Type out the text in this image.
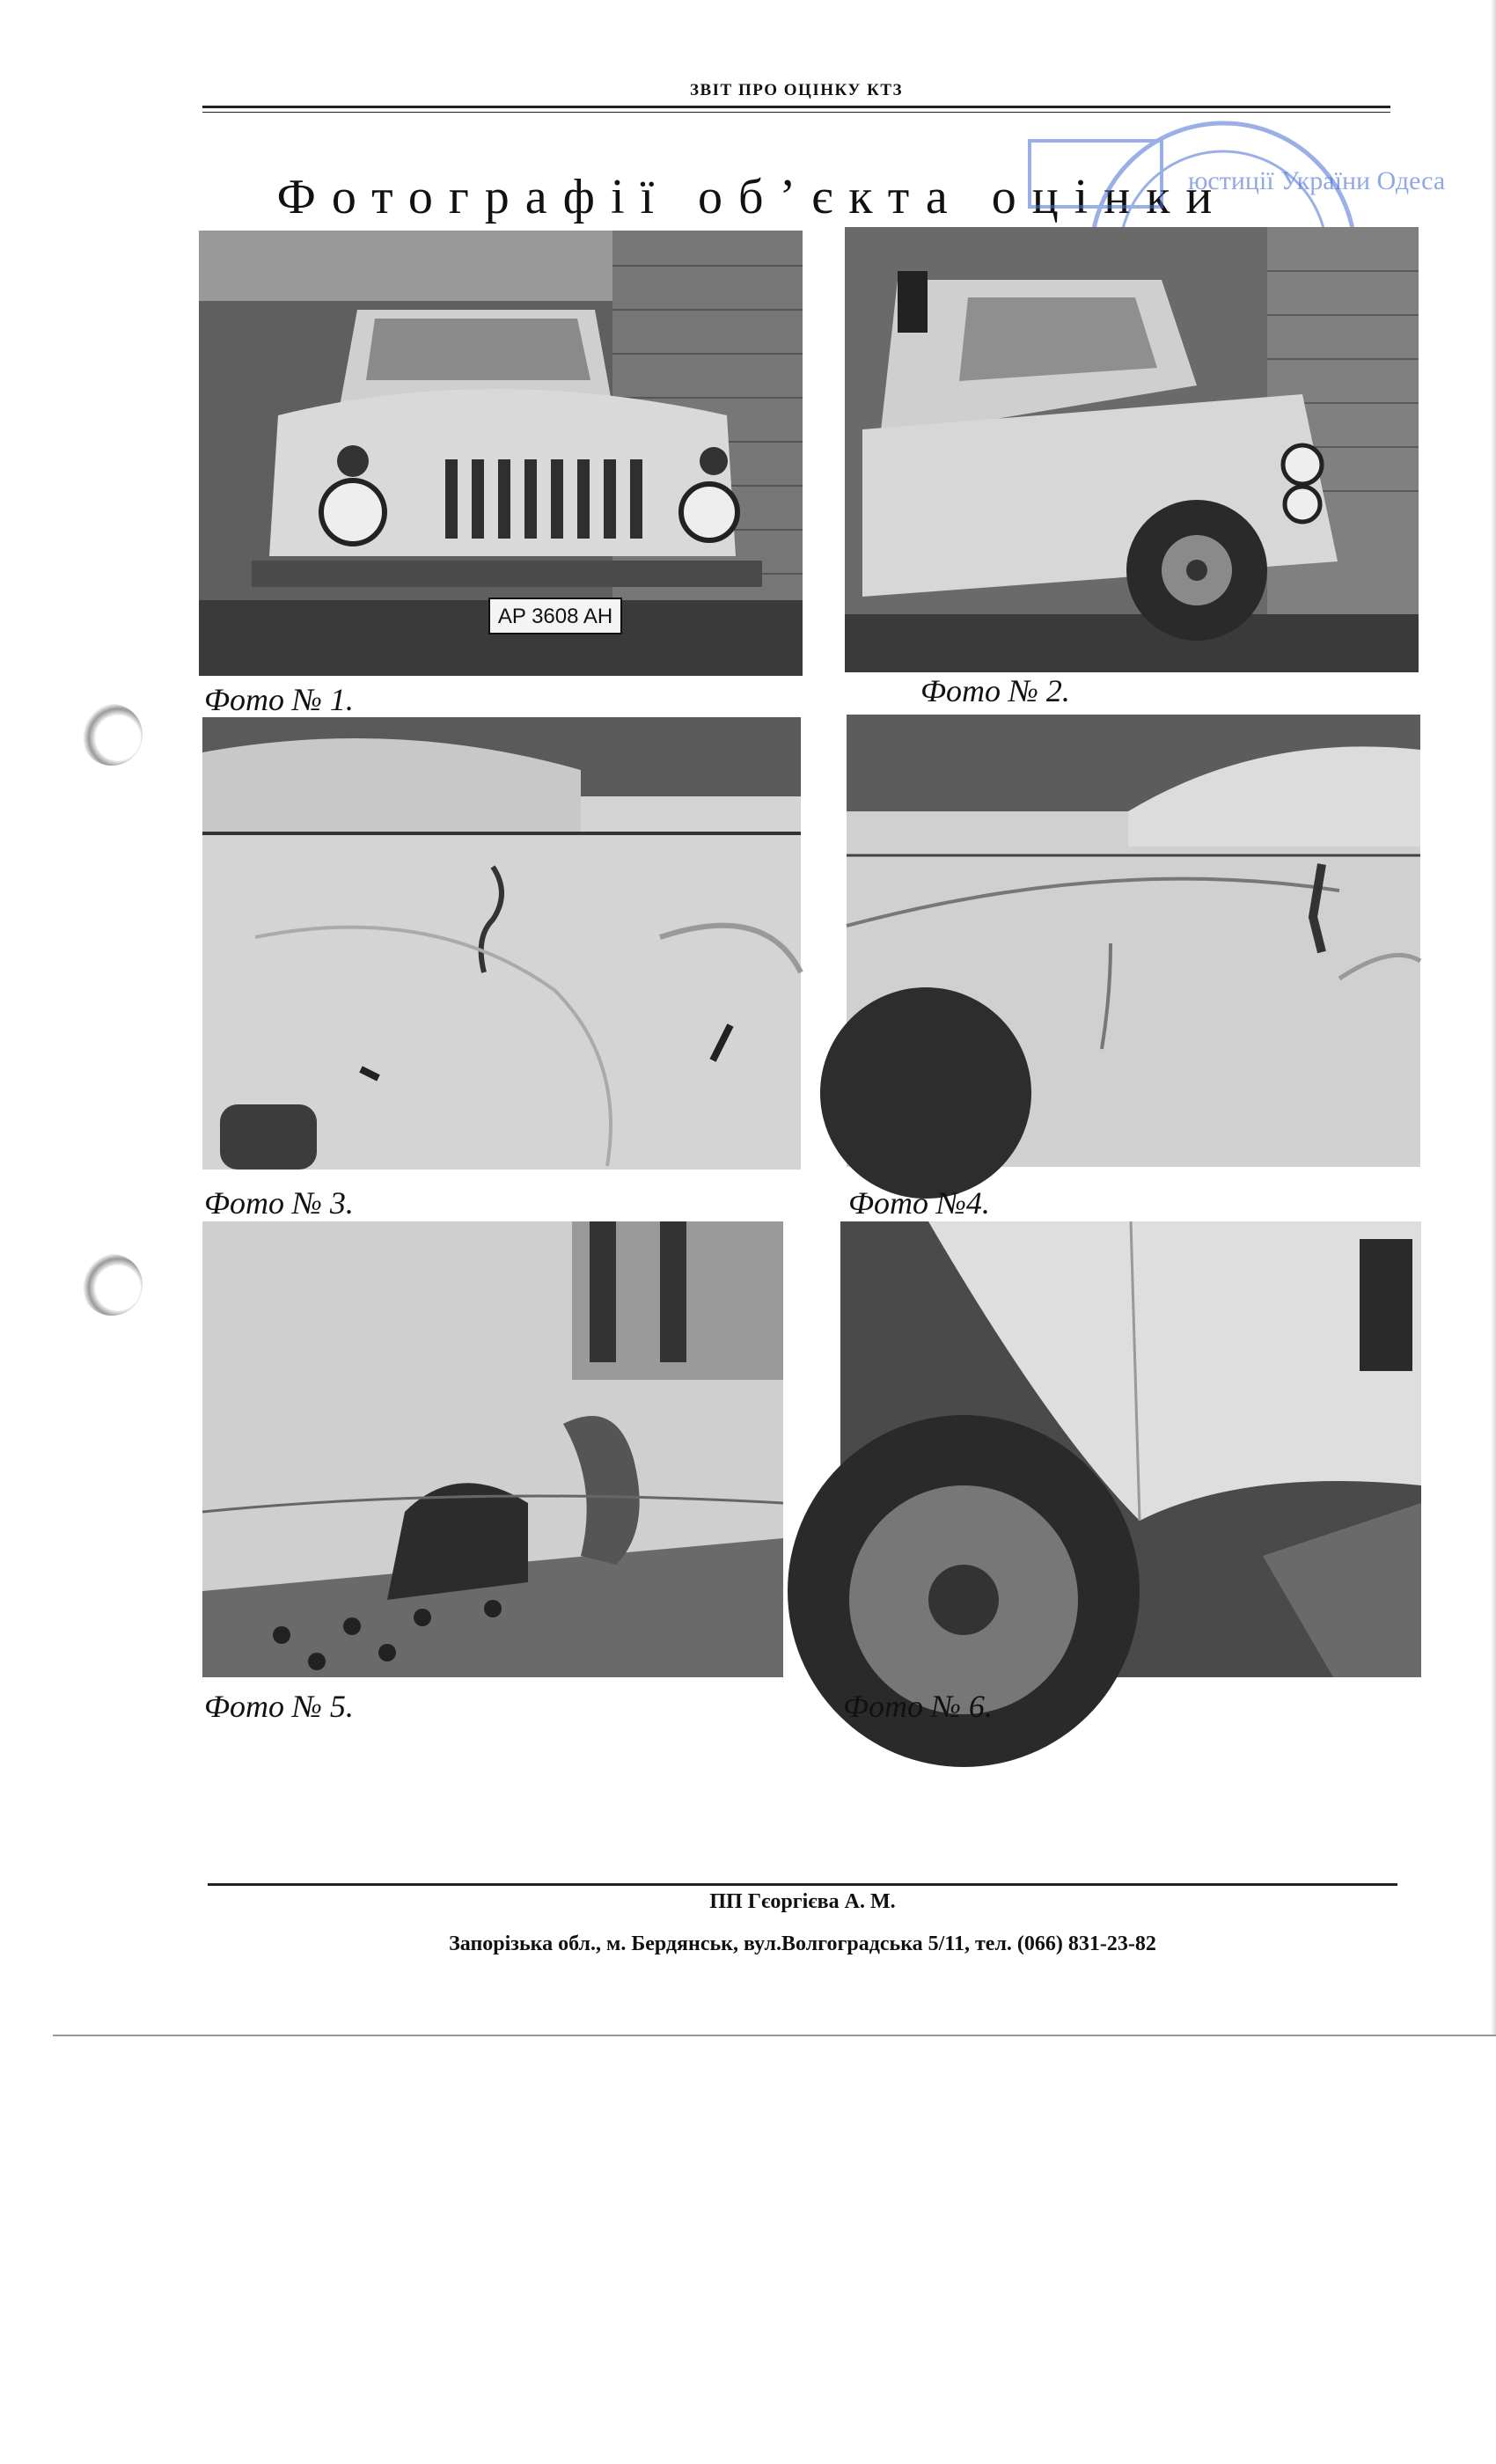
ЗВІТ ПРО ОЦІНКУ КТЗ
Фотографії об’єкта оцінки
юстиції України Одеса
AP 3608 AH
Фото № 1.	Фото № 2.
Фото № 3.	Фото №4.
Фото № 5.	Фото № 6.
ПП Гєоргієва А. М.
Запорізька обл., м. Бердянськ, вул.Волгоградська 5/11, тел. (066) 831-23-82
